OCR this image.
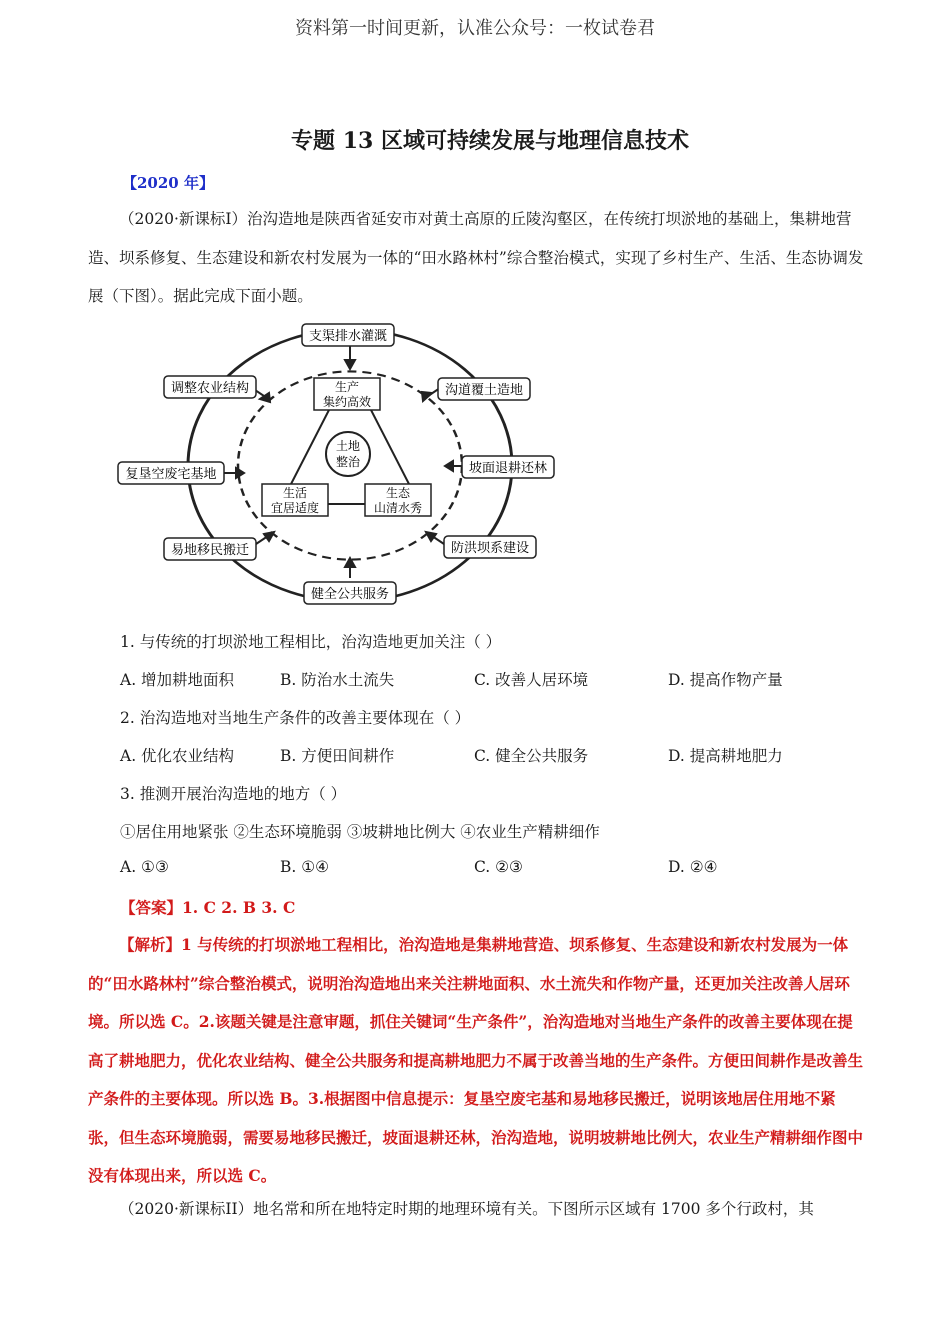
资料第一时间更新，认准公众号：一枚试卷君
专题 13 区域可持续发展与地理信息技术
【2020 年】

（2020·新课标I）治沟造地是陕西省延安市对黄土高原的丘陵沟壑区，在传统打坝淤地的基础上，集耕地营造、坝系修复、生态建设和新农村发展为一体的“田水路林村”综合整治模式，实现了乡村生产、生活、生态协调发展（下图）。据此完成下面小题。

土地
整治
生产
集约高效
生活
宜居适度
生态
山清水秀
支渠排水灌溉
沟道覆土造地
坡面退耕还林
防洪坝系建设
健全公共服务
易地移民搬迁
复垦空废宅基地
调整农业结构
1. 与传统的打坝淤地工程相比，治沟造地更加关注（ ）
A. 增加耕地面积	B. 防治水土流失	C. 改善人居环境	D. 提高作物产量
2. 治沟造地对当地生产条件的改善主要体现在（ ）
A. 优化农业结构	B. 方便田间耕作	C. 健全公共服务	D. 提高耕地肥力
3. 推测开展治沟造地的地方（ ）
①居住用地紧张 ②生态环境脆弱 ③坡耕地比例大 ④农业生产精耕细作
A. ①③	B. ①④	C. ②③	D. ②④
【答案】1. C 2. B 3. C

【解析】1 与传统的打坝淤地工程相比，治沟造地是集耕地营造、坝系修复、生态建设和新农村发展为一体的“田水路林村”综合整治模式，说明治沟造地出来关注耕地面积、水土流失和作物产量，还更加关注改善人居环境。所以选 C。2.该题关键是注意审题，抓住关键词“生产条件”，治沟造地对当地生产条件的改善主要体现在提高了耕地肥力，优化农业结构、健全公共服务和提高耕地肥力不属于改善当地的生产条件。方便田间耕作是改善生产条件的主要体现。所以选 B。3.根据图中信息提示：复垦空废宅基和易地移民搬迁，说明该地居住用地不紧张，但生态环境脆弱，需要易地移民搬迁，坡面退耕还林，治沟造地，说明坡耕地比例大，农业生产精耕细作图中没有体现出来，所以选 C。

（2020·新课标II）地名常和所在地特定时期的地理环境有关。下图所示区域有 1700 多个行政村，其
